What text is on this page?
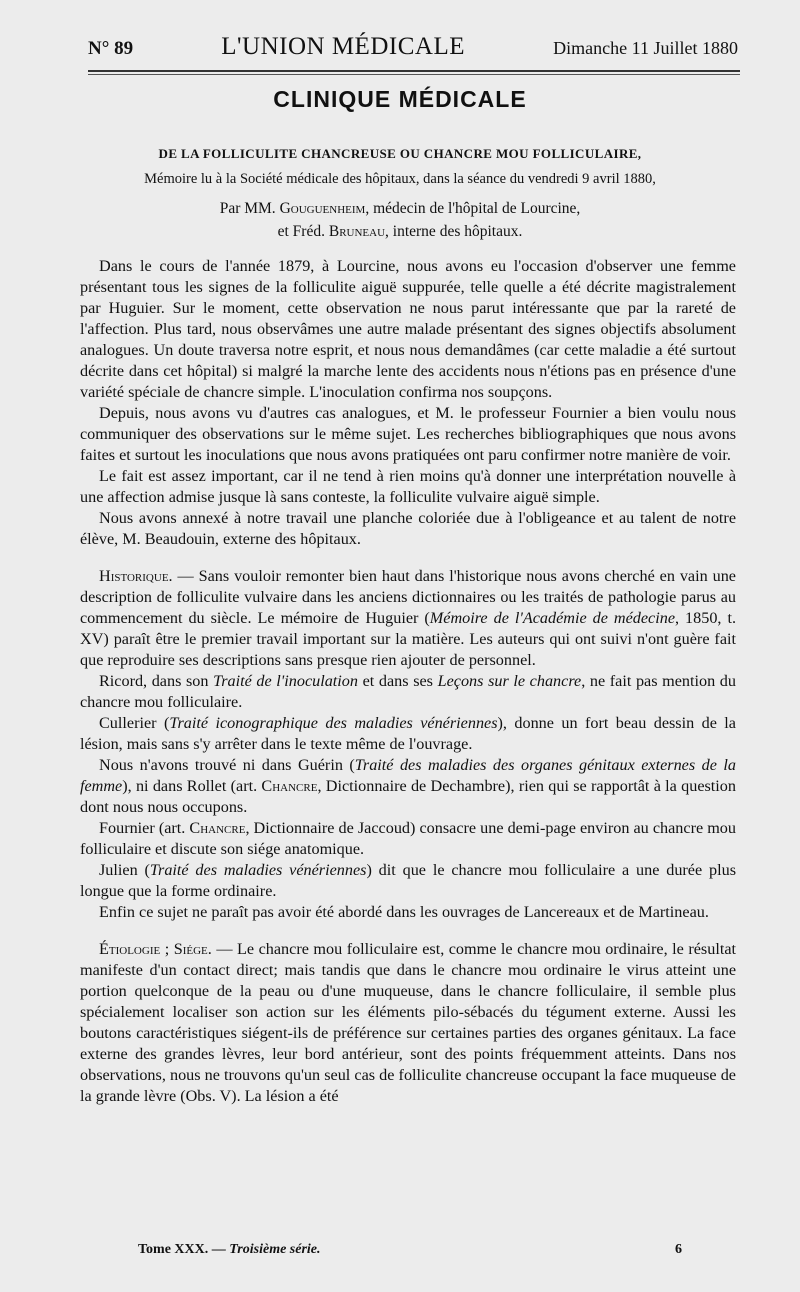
N° 89	L'UNION MÉDICALE	Dimanche 11 Juillet 1880
CLINIQUE MÉDICALE
DE LA FOLLICULITE CHANCREUSE OU CHANCRE MOU FOLLICULAIRE,
Mémoire lu à la Société médicale des hôpitaux, dans la séance du vendredi 9 avril 1880,
Par MM. Gouguenheim, médecin de l'hôpital de Lourcine,
et Fréd. Bruneau, interne des hôpitaux.

Dans le cours de l'année 1879, à Lourcine, nous avons eu l'occasion d'observer une femme présentant tous les signes de la folliculite aiguë suppurée, telle quelle a été décrite magistralement par Huguier. Sur le moment, cette observation ne nous parut intéressante que par la rareté de l'affection. Plus tard, nous observâmes une autre malade présentant des signes objectifs absolument analogues. Un doute traversa notre esprit, et nous nous demandâmes (car cette maladie a été surtout décrite dans cet hôpital) si malgré la marche lente des accidents nous n'étions pas en présence d'une variété spéciale de chancre simple. L'inoculation confirma nos soupçons.

Depuis, nous avons vu d'autres cas analogues, et M. le professeur Fournier a bien voulu nous communiquer des observations sur le même sujet. Les recherches bibliographiques que nous avons faites et surtout les inoculations que nous avons pratiquées ont paru confirmer notre manière de voir.

Le fait est assez important, car il ne tend à rien moins qu'à donner une interprétation nouvelle à une affection admise jusque là sans conteste, la folliculite vulvaire aiguë simple.

Nous avons annexé à notre travail une planche coloriée due à l'obligeance et au talent de notre élève, M. Beaudouin, externe des hôpitaux.

Historique. — Sans vouloir remonter bien haut dans l'historique nous avons cherché en vain une description de folliculite vulvaire dans les anciens dictionnaires ou les traités de pathologie parus au commencement du siècle. Le mémoire de Huguier (Mémoire de l'Académie de médecine, 1850, t. XV) paraît être le premier travail important sur la matière. Les auteurs qui ont suivi n'ont guère fait que reproduire ses descriptions sans presque rien ajouter de personnel.

Ricord, dans son Traité de l'inoculation et dans ses Leçons sur le chancre, ne fait pas mention du chancre mou folliculaire.

Cullerier (Traité iconographique des maladies vénériennes), donne un fort beau dessin de la lésion, mais sans s'y arrêter dans le texte même de l'ouvrage.

Nous n'avons trouvé ni dans Guérin (Traité des maladies des organes génitaux externes de la femme), ni dans Rollet (art. Chancre, Dictionnaire de Dechambre), rien qui se rapportât à la question dont nous nous occupons.

Fournier (art. Chancre, Dictionnaire de Jaccoud) consacre une demi-page environ au chancre mou folliculaire et discute son siége anatomique.

Julien (Traité des maladies vénériennes) dit que le chancre mou folliculaire a une durée plus longue que la forme ordinaire.

Enfin ce sujet ne paraît pas avoir été abordé dans les ouvrages de Lancereaux et de Martineau.

Étiologie ; Siége. — Le chancre mou folliculaire est, comme le chancre mou ordinaire, le résultat manifeste d'un contact direct; mais tandis que dans le chancre mou ordinaire le virus atteint une portion quelconque de la peau ou d'une muqueuse, dans le chancre folliculaire, il semble plus spécialement localiser son action sur les éléments pilo-sébacés du tégument externe. Aussi les boutons caractéristiques siégent-ils de préférence sur certaines parties des organes génitaux. La face externe des grandes lèvres, leur bord antérieur, sont des points fréquemment atteints. Dans nos observations, nous ne trouvons qu'un seul cas de folliculite chancreuse occupant la face muqueuse de la grande lèvre (Obs. V). La lésion a été

Tome XXX. — Troisième série.	6
